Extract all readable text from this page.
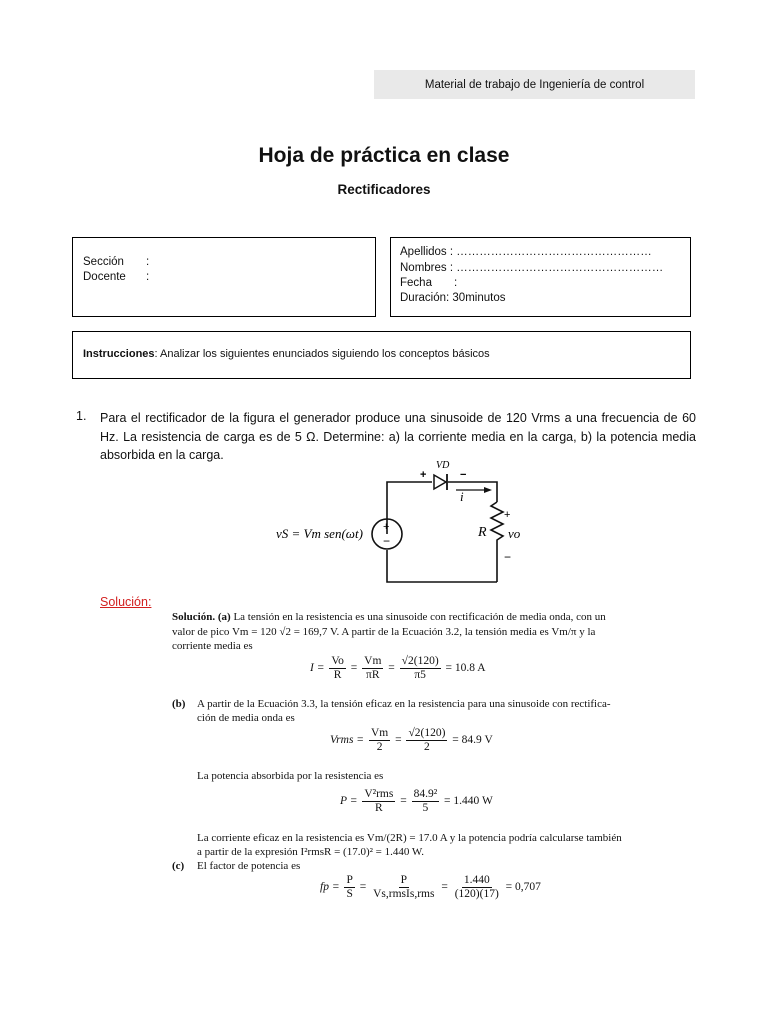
Material de trabajo de Ingeniería de control
Hoja de práctica en clase
Rectificadores
Sección :
Docente :
Apellidos : ……………………………………………
Nombres : ………………………………………………
Fecha :
Duración: 30minutos
Instrucciones: Analizar los siguientes enunciados siguiendo los conceptos básicos
1. Para el rectificador de la figura el generador produce una sinusoide de 120 Vrms a una frecuencia de 60 Hz. La resistencia de carga es de 5 Ω. Determine: a) la corriente media en la carga, b) la potencia media absorbida en la carga.
+
−
+	−
VD
i
R
+
vo
−
vS = Vm sen(ωt)
Solución:
Solución. (a) La tensión en la resistencia es una sinusoide con rectificación de media onda, con un
valor de pico Vm = 120 √2 = 169,7 V. A partir de la Ecuación 3.2, la tensión media es Vm/π y la
corriente media es
$I = \frac{Vo}{R} = \frac{Vm}{\pi R} = \frac{√2(120)}{\pi 5} = 10.8$ A
(b) A partir de la Ecuación 3.3, la tensión eficaz en la resistencia para una sinusoide con rectifica-
ción de media onda es
Vrms = $\frac{Vm}{2} = \frac{√2(120)}{2} = 84.9$ V
La potencia absorbida por la resistencia es
$P = \frac{\text{V²rms}}{R} = \frac{\text{84.9²}}{5} = 1.440$ W
La corriente eficaz en la resistencia es Vm/(2R) = 17.0 A y la potencia podría calcularse también
a partir de la expresión I²rmsR = (17.0)² = 1.440 W.
(c) El factor de potencia es
fp = $\frac{P}{S} = \frac{P}{\text{Vs,rmsIs,rms}} = \frac{1.440}{(120)(17)} = 0,707$
